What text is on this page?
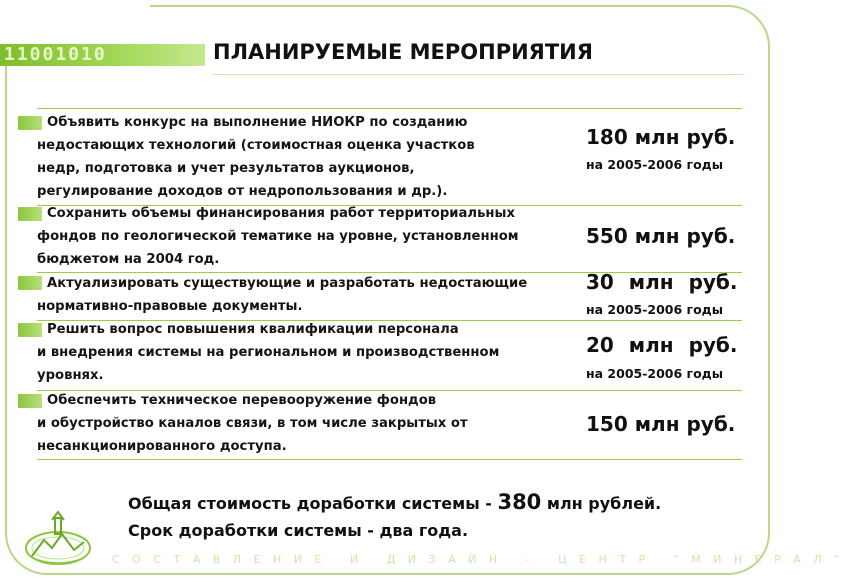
11001010	ПЛАНИРУЕМЫЕ МЕРОПРИЯТИЯ
Объявить конкурс на выполнение НИОКР по созданию
недостающих технологий (стоимостная оценка участков
недр, подготовка и учет результатов аукционов,
регулирование доходов от недропользования и др.).
180 млн руб.
на 2005-2006 годы
Сохранить объемы финансирования работ территориальных
фондов по геологической тематике на уровне, установленном
бюджетом на 2004 год.
550 млн руб.
Актуализировать существующие и разработать недостающие
нормативно-правовые документы.
30 млн руб.
на 2005-2006 годы
Решить вопрос повышения квалификации персонала
и внедрения системы на региональном и производственном
уровнях.
20 млн руб.
на 2005-2006 годы
Обеспечить техническое перевооружение фондов
и обустройство каналов связи, в том числе закрытых от
несанкционированного доступа.
150 млн руб.
Общая стоимость доработки системы - 380 млн рублей.
Срок доработки системы - два года.
СОСТАВЛЕНИЕ И ДИЗАЙН - ЦЕНТР "МИНЕРАЛ"
